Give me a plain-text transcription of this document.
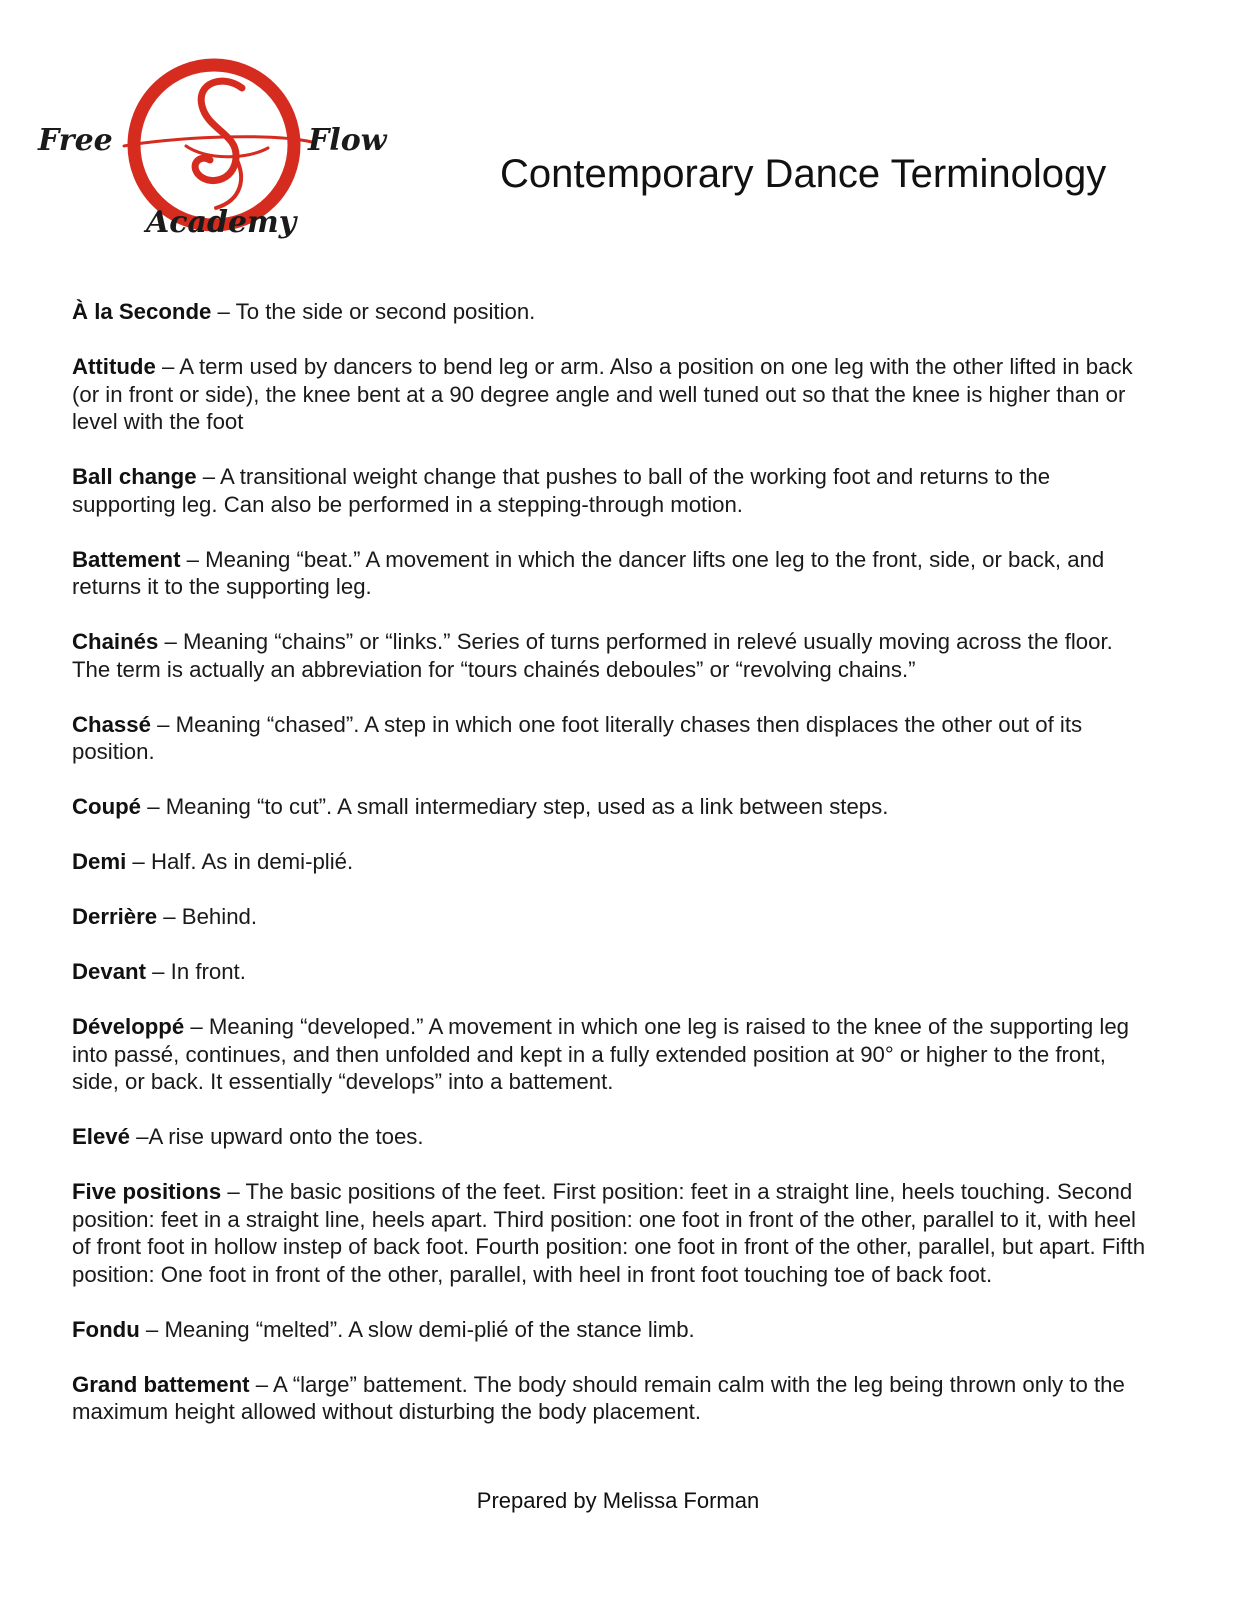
Free	Flow
Academy
Contemporary Dance Terminology
À la Seconde – To the side or second position.
Attitude – A term used by dancers to bend leg or arm. Also a position on one leg with the other lifted in back (or in front or side), the knee bent at a 90 degree angle and well tuned out so that the knee is higher than or level with the foot
Ball change – A transitional weight change that pushes to ball of the working foot and returns to the supporting leg. Can also be performed in a stepping-through motion.
Battement – Meaning “beat.” A movement in which the dancer lifts one leg to the front, side, or back, and returns it to the supporting leg.
Chainés – Meaning “chains” or “links.” Series of turns performed in relevé usually moving across the floor. The term is actually an abbreviation for “tours chainés deboules” or “revolving chains.”
Chassé – Meaning “chased”. A step in which one foot literally chases then displaces the other out of its position.
Coupé – Meaning “to cut”. A small intermediary step, used as a link between steps.
Demi – Half. As in demi-plié.
Derrière – Behind.
Devant – In front.
Développé – Meaning “developed.” A movement in which one leg is raised to the knee of the supporting leg into passé, continues, and then unfolded and kept in a fully extended position at 90° or higher to the front, side, or back. It essentially “develops” into a battement.
Elevé –A rise upward onto the toes.
Five positions – The basic positions of the feet. First position: feet in a straight line, heels touching. Second position: feet in a straight line, heels apart. Third position: one foot in front of the other, parallel to it, with heel of front foot in hollow instep of back foot. Fourth position: one foot in front of the other, parallel, but apart. Fifth position: One foot in front of the other, parallel, with heel in front foot touching toe of back foot.
Fondu – Meaning “melted”. A slow demi-plié of the stance limb.
Grand battement – A “large” battement. The body should remain calm with the leg being thrown only to the maximum height allowed without disturbing the body placement.
Prepared by Melissa Forman
